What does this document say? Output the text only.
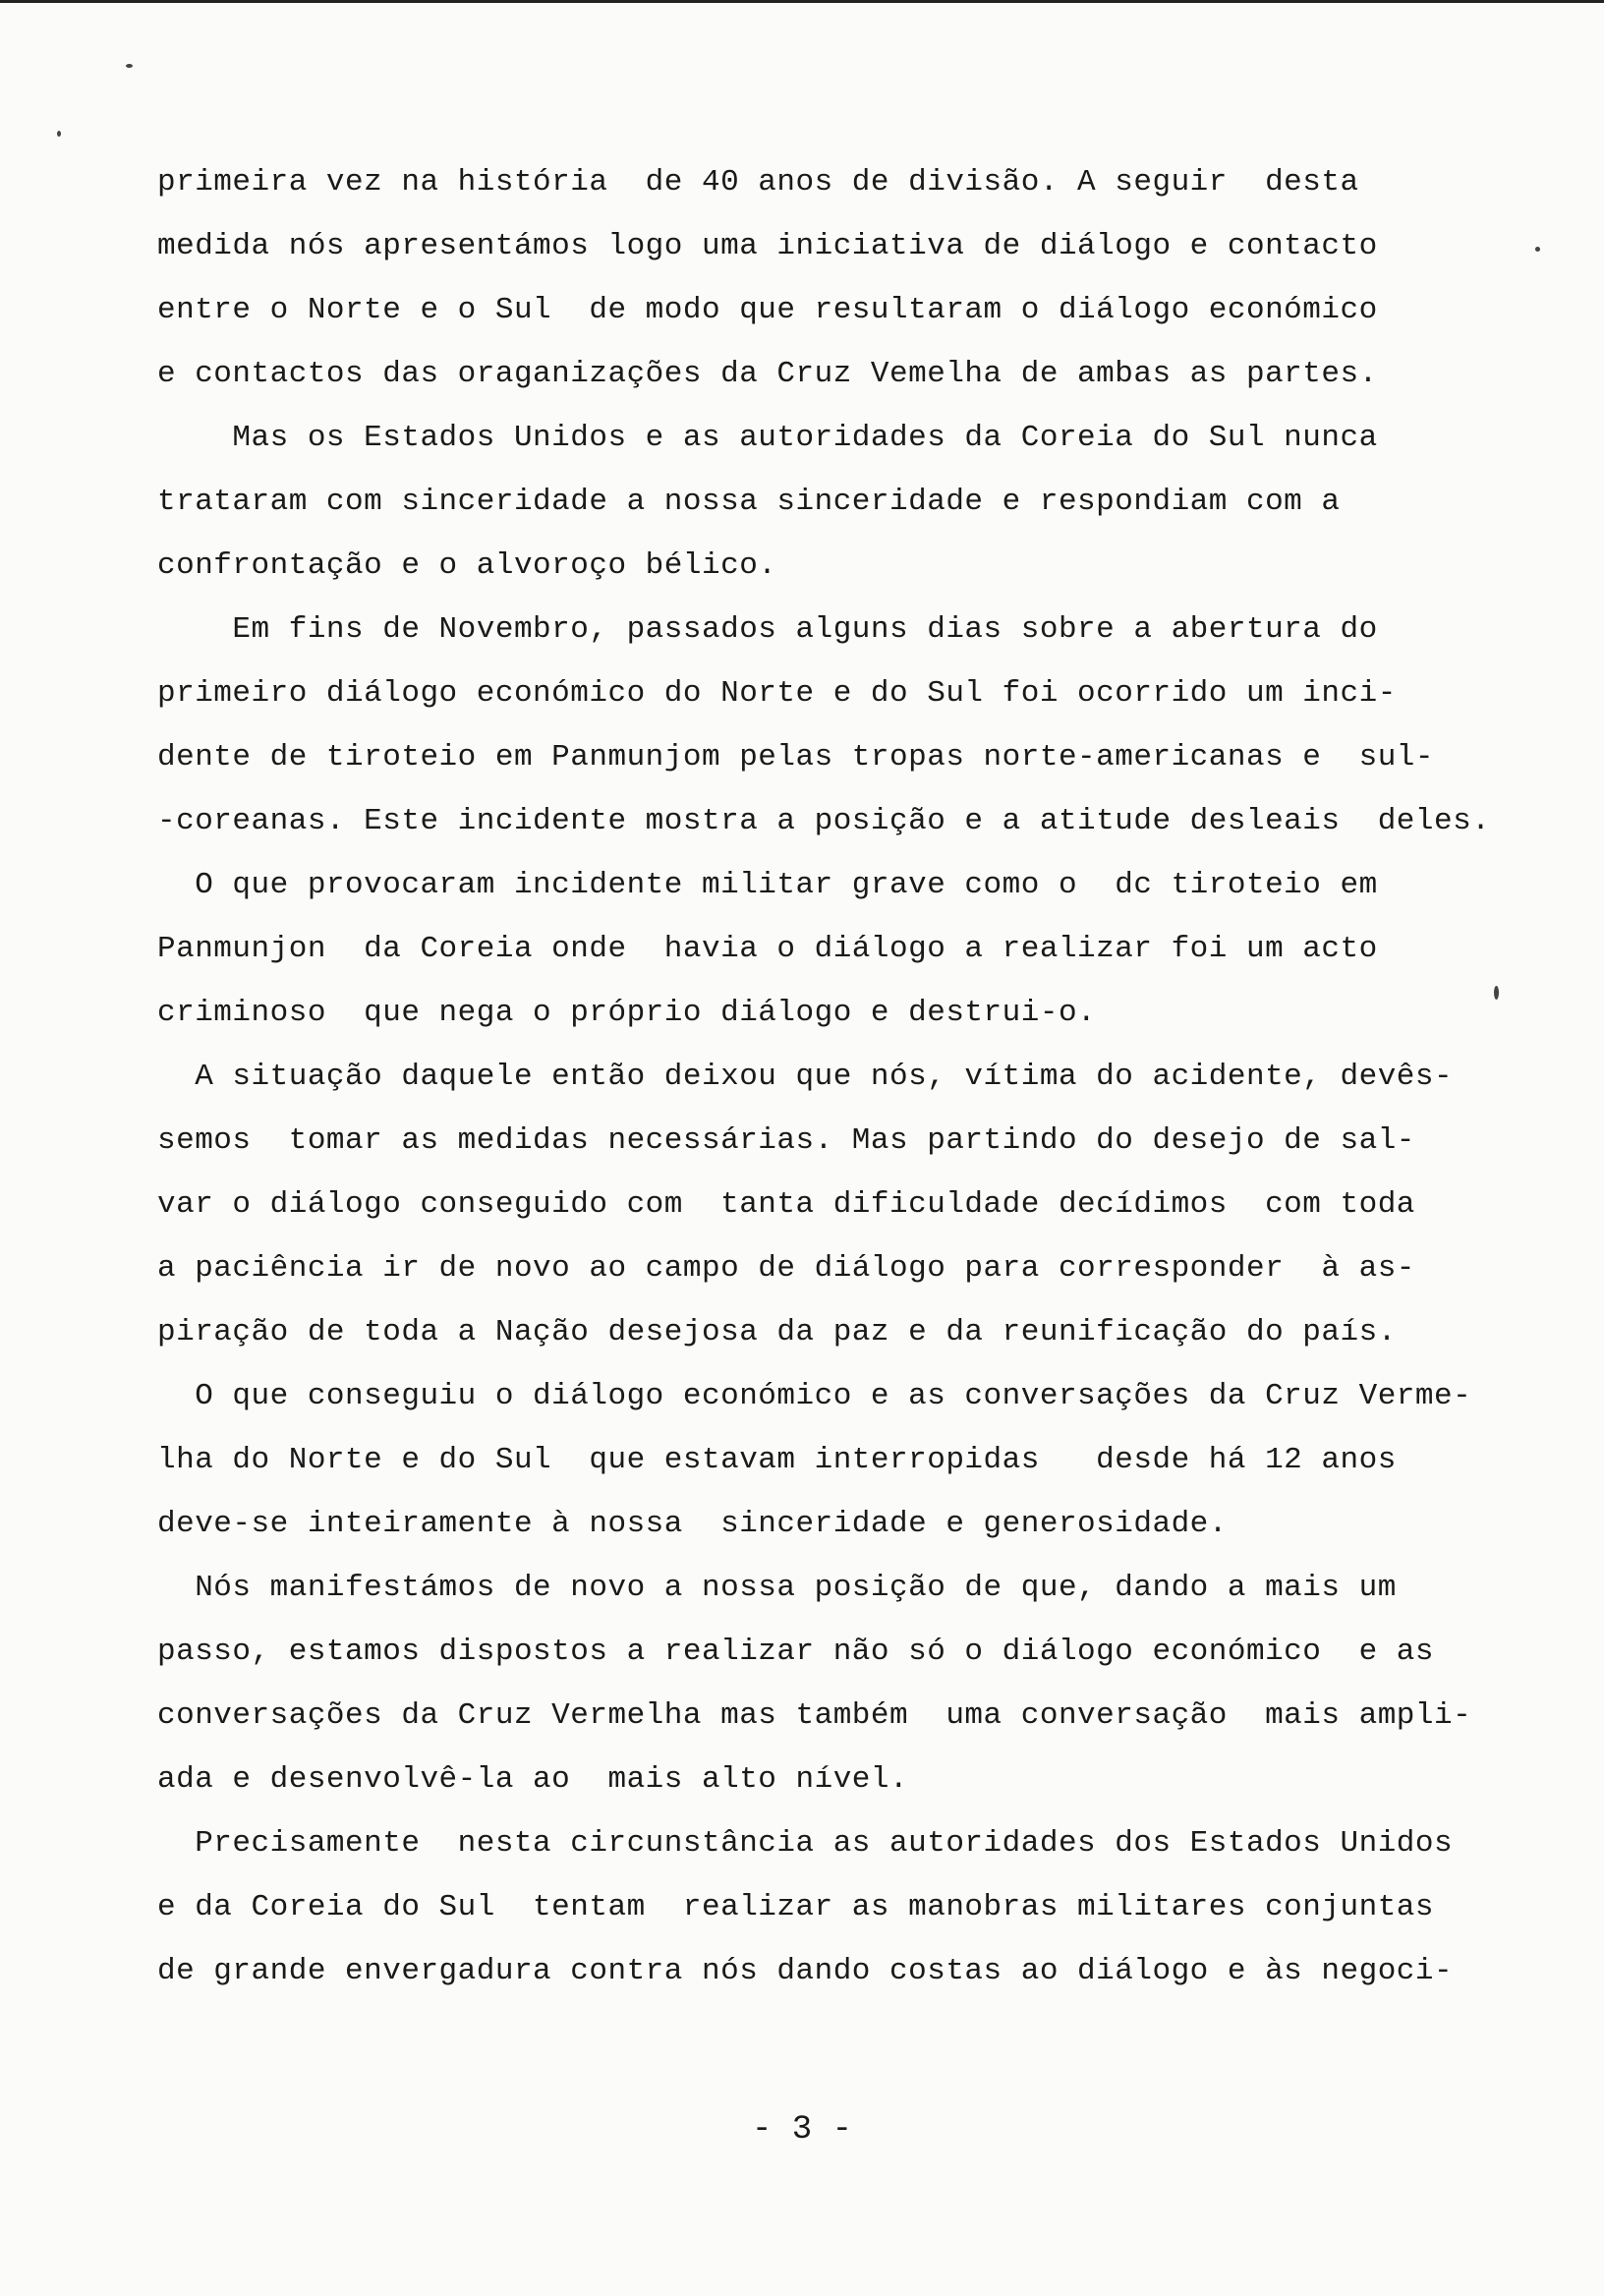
primeira vez na história  de 40 anos de divisão. A seguir  desta
medida nós apresentámos logo uma iniciativa de diálogo e contacto
entre o Norte e o Sul  de modo que resultaram o diálogo económico
e contactos das oraganizações da Cruz Vemelha de ambas as partes.
Mas os Estados Unidos e as autoridades da Coreia do Sul nunca
trataram com sinceridade a nossa sinceridade e respondiam com a
confrontação e o alvoroço bélico.
Em fins de Novembro, passados alguns dias sobre a abertura do
primeiro diálogo económico do Norte e do Sul foi ocorrido um inci-
dente de tiroteio em Panmunjom pelas tropas norte-americanas e  sul-
-coreanas. Este incidente mostra a posição e a atitude desleais  deles.
O que provocaram incidente militar grave como o  dc tiroteio em
Panmunjon  da Coreia onde  havia o diálogo a realizar foi um acto
criminoso  que nega o próprio diálogo e destrui-o.
A situação daquele então deixou que nós, vítima do acidente, devês-
semos  tomar as medidas necessárias. Mas partindo do desejo de sal-
var o diálogo conseguido com  tanta dificuldade decídimos  com toda
a paciência ir de novo ao campo de diálogo para corresponder  à as-
piração de toda a Nação desejosa da paz e da reunificação do país.
O que conseguiu o diálogo económico e as conversações da Cruz Verme-
lha do Norte e do Sul  que estavam interropidas   desde há 12 anos
deve-se inteiramente à nossa  sinceridade e generosidade.
Nós manifestámos de novo a nossa posição de que, dando a mais um
passo, estamos dispostos a realizar não só o diálogo económico  e as
conversações da Cruz Vermelha mas também  uma conversação  mais ampli-
ada e desenvolvê-la ao  mais alto nível.
Precisamente  nesta circunstância as autoridades dos Estados Unidos
e da Coreia do Sul  tentam  realizar as manobras militares conjuntas
de grande envergadura contra nós dando costas ao diálogo e às negoci-
- 3 -
